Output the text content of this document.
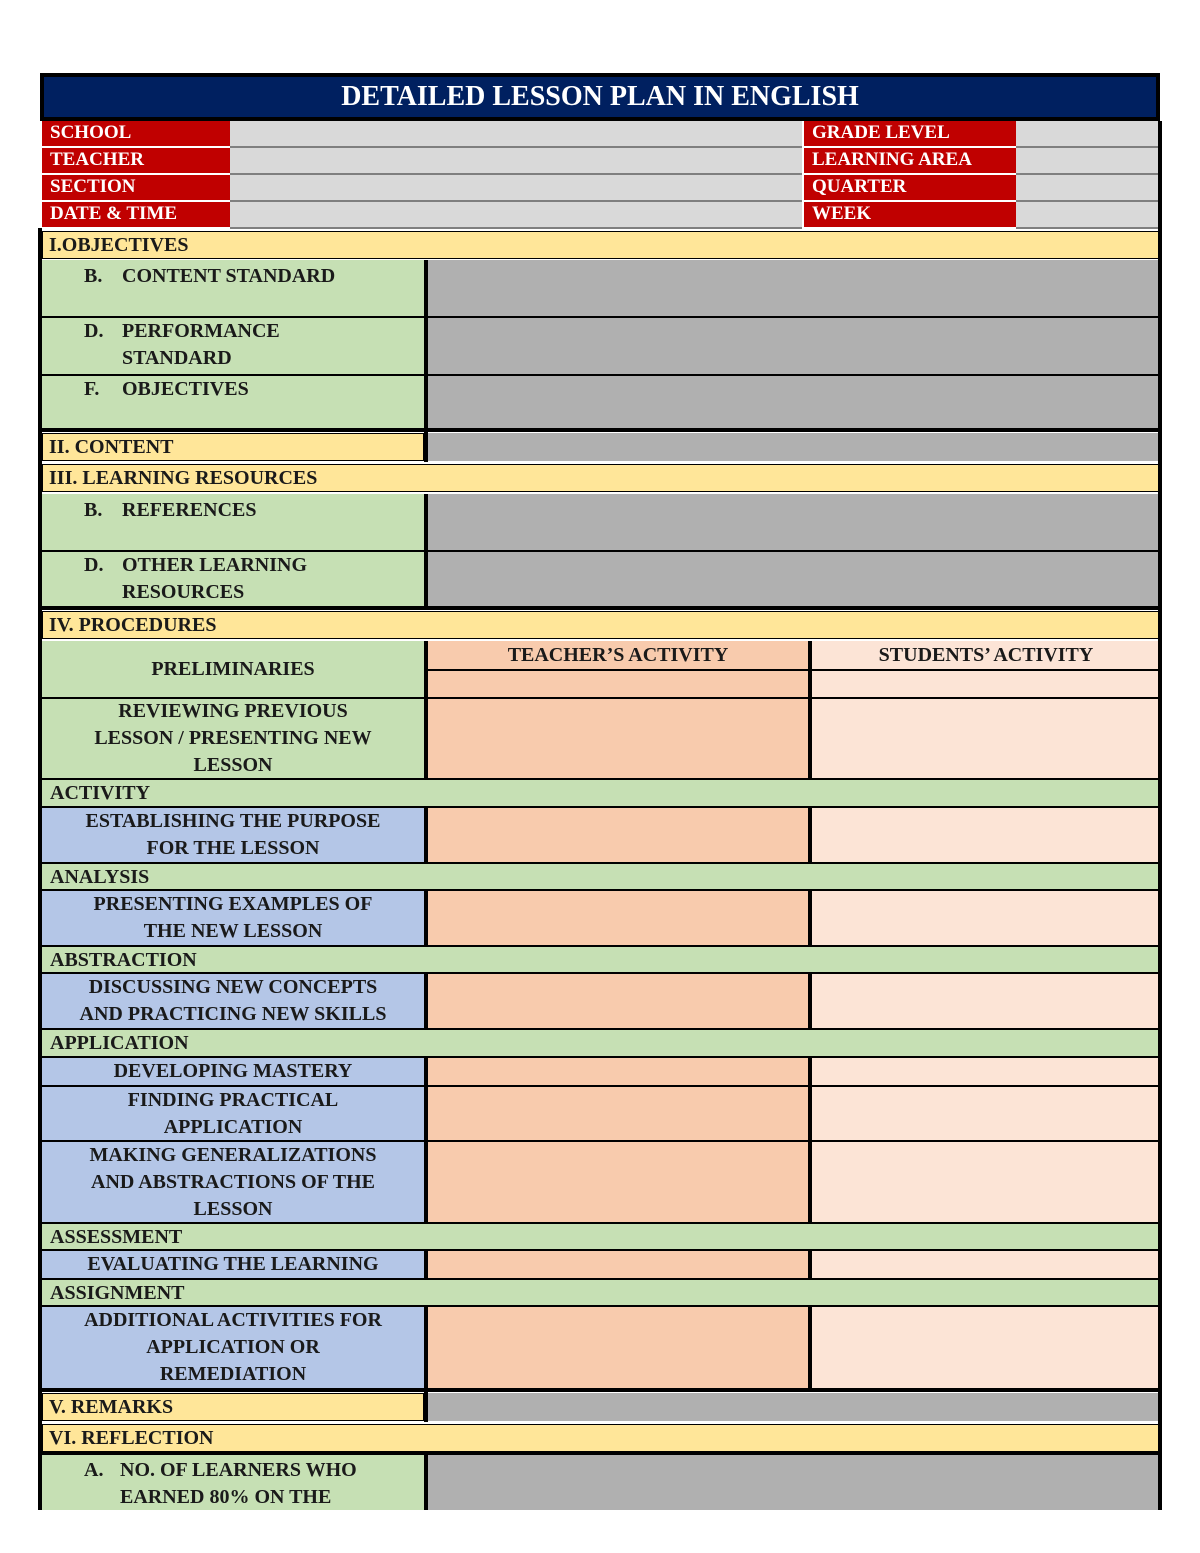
DETAILED LESSON PLAN IN ENGLISH
SCHOOL
TEACHER
SECTION
DATE & TIME
GRADE LEVEL
LEARNING AREA
QUARTER
WEEK
I.OBJECTIVES
B. CONTENT STANDARD
D. PERFORMANCE
STANDARD
F. OBJECTIVES
II. CONTENT
III. LEARNING RESOURCES
B. REFERENCES
D. OTHER LEARNING
RESOURCES
IV. PROCEDURES
PRELIMINARIES
TEACHER’S ACTIVITY	STUDENTS’ ACTIVITY
REVIEWING PREVIOUS
LESSON / PRESENTING NEW
LESSON
ACTIVITY
ESTABLISHING THE PURPOSE
FOR THE LESSON
ANALYSIS
PRESENTING EXAMPLES OF
THE NEW LESSON
ABSTRACTION
DISCUSSING NEW CONCEPTS
AND PRACTICING NEW SKILLS
APPLICATION
DEVELOPING MASTERY
FINDING PRACTICAL
APPLICATION
MAKING GENERALIZATIONS
AND ABSTRACTIONS OF THE
LESSON
ASSESSMENT
EVALUATING THE LEARNING
ASSIGNMENT
ADDITIONAL ACTIVITIES FOR
APPLICATION OR
REMEDIATION
V. REMARKS
VI. REFLECTION
A. NO. OF LEARNERS WHO
EARNED 80% ON THE
